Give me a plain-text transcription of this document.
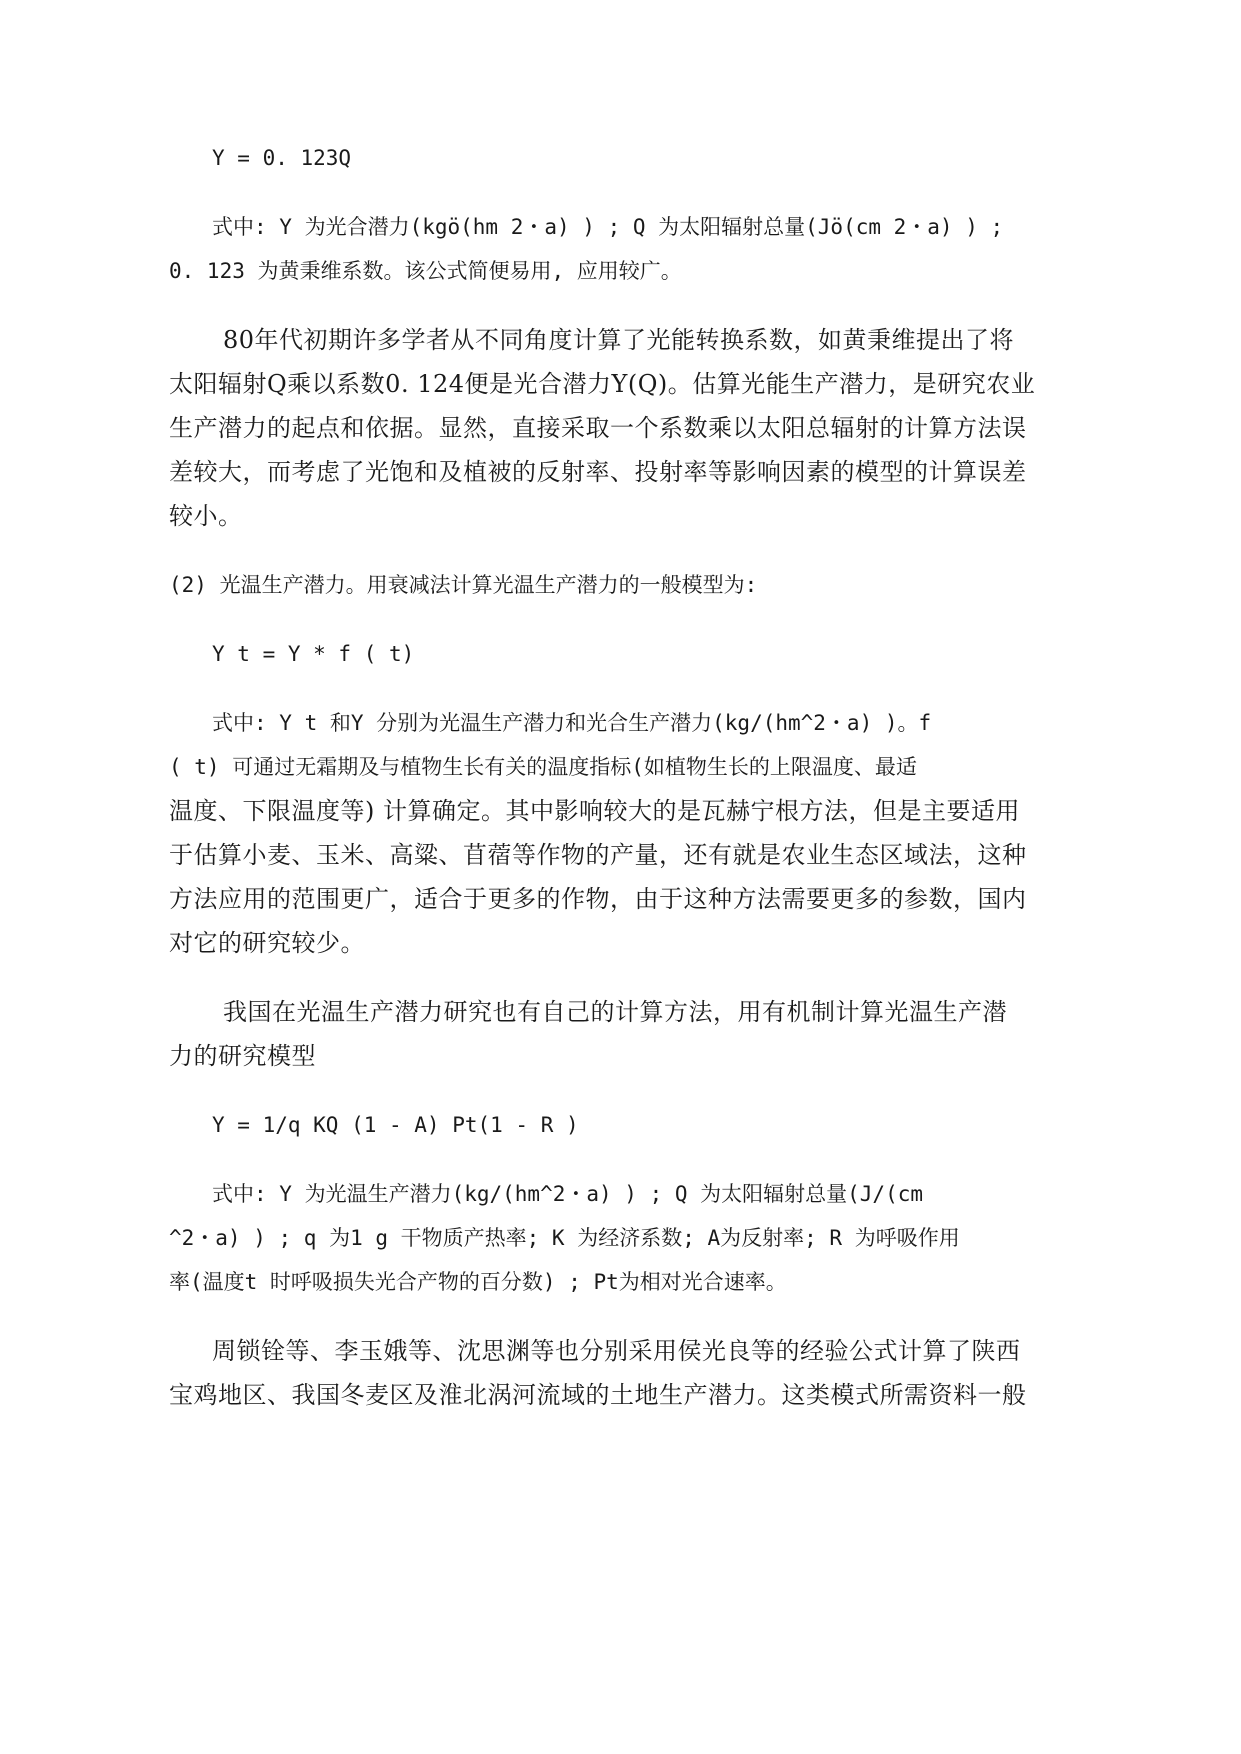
Y = 0. 123Q
式中: Y 为光合潜力(kgö(hm 2・a) ) ; Q 为太阳辐射总量(Jö(cm 2・a) ) ;
0. 123 为黄秉维系数。该公式简便易用, 应用较广。
80年代初期许多学者从不同角度计算了光能转换系数，如黄秉维提出了将
太阳辐射Q乘以系数0. 124便是光合潜力Y(Q)。估算光能生产潜力，是研究农业
生产潜力的起点和依据。显然，直接采取一个系数乘以太阳总辐射的计算方法误
差较大，而考虑了光饱和及植被的反射率、投射率等影响因素的模型的计算误差
较小。
(2) 光温生产潜力。用衰减法计算光温生产潜力的一般模型为:
Y t = Y * f ( t)
式中: Y t 和Y 分别为光温生产潜力和光合生产潜力(kg/(hm^2・a) )。f
( t) 可通过无霜期及与植物生长有关的温度指标(如植物生长的上限温度、最适
温度、下限温度等) 计算确定。其中影响较大的是瓦赫宁根方法，但是主要适用
于估算小麦、玉米、高粱、苜蓿等作物的产量，还有就是农业生态区域法，这种
方法应用的范围更广，适合于更多的作物，由于这种方法需要更多的参数，国内
对它的研究较少。
我国在光温生产潜力研究也有自己的计算方法，用有机制计算光温生产潜
力的研究模型
Y = 1/q KQ (1 - A) Pt(1 - R )
式中: Y 为光温生产潜力(kg/(hm^2・a) ) ; Q 为太阳辐射总量(J/(cm
^2・a) ) ; q 为1 g 干物质产热率; K 为经济系数; A为反射率; R 为呼吸作用
率(温度t 时呼吸损失光合产物的百分数) ; Pt为相对光合速率。
周锁铨等、李玉娥等、沈思渊等也分别采用侯光良等的经验公式计算了陕西
宝鸡地区、我国冬麦区及淮北涡河流域的土地生产潜力。这类模式所需资料一般
